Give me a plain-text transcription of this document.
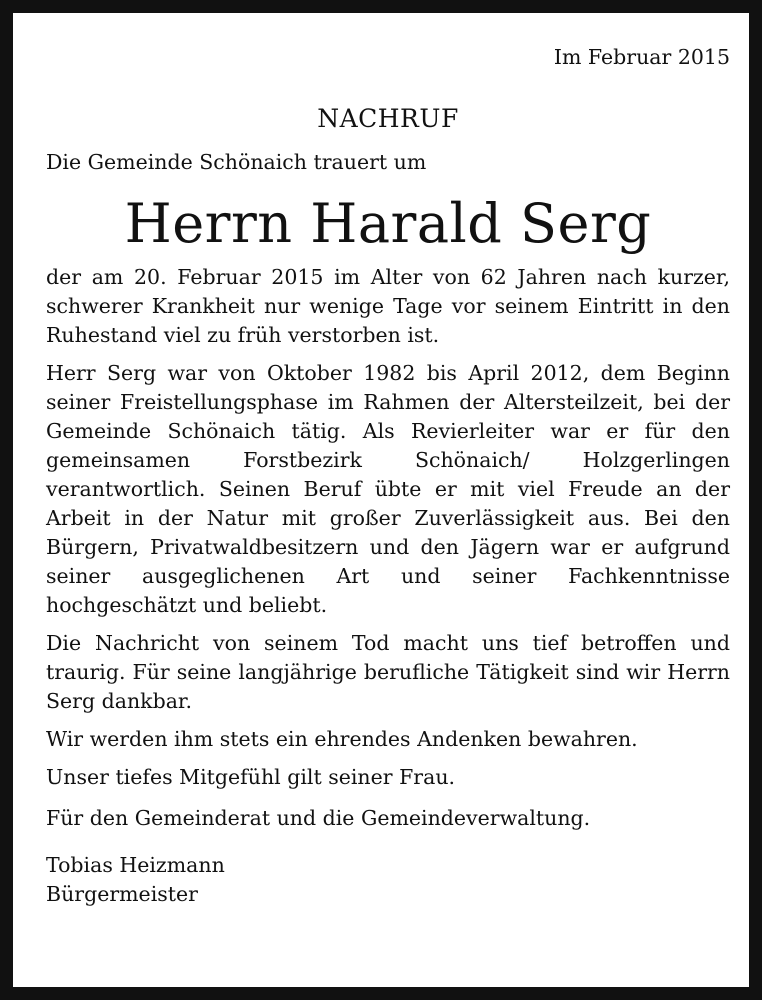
Im Februar 2015
NACHRUF
Die Gemeinde Schönaich trauert um
Herrn Harald Serg

der am 20. Februar 2015 im Alter von 62 Jahren nach kurzer, schwerer Krankheit nur wenige Tage vor seinem Eintritt in den Ruhestand viel zu früh verstorben ist.

Herr Serg war von Oktober 1982 bis April 2012, dem Beginn seiner Freistellungsphase im Rahmen der Altersteilzeit, bei der Gemeinde Schönaich tätig. Als Revierleiter war er für den gemeinsamen Forstbezirk Schönaich/ Holzgerlingen verantwortlich. Seinen Beruf übte er mit viel Freude an der Arbeit in der Natur mit großer Zuverlässigkeit aus. Bei den Bürgern, Privatwaldbesitzern und den Jägern war er aufgrund seiner ausgeglichenen Art und seiner Fachkenntnisse hochgeschätzt und beliebt.

Die Nachricht von seinem Tod macht uns tief betroffen und traurig. Für seine langjährige berufliche Tätigkeit sind wir Herrn Serg dankbar.

Wir werden ihm stets ein ehrendes Andenken bewahren.

Unser tiefes Mitgefühl gilt seiner Frau.

Für den Gemeinderat und die Gemeindeverwaltung.

Tobias Heizmann
Bürgermeister
